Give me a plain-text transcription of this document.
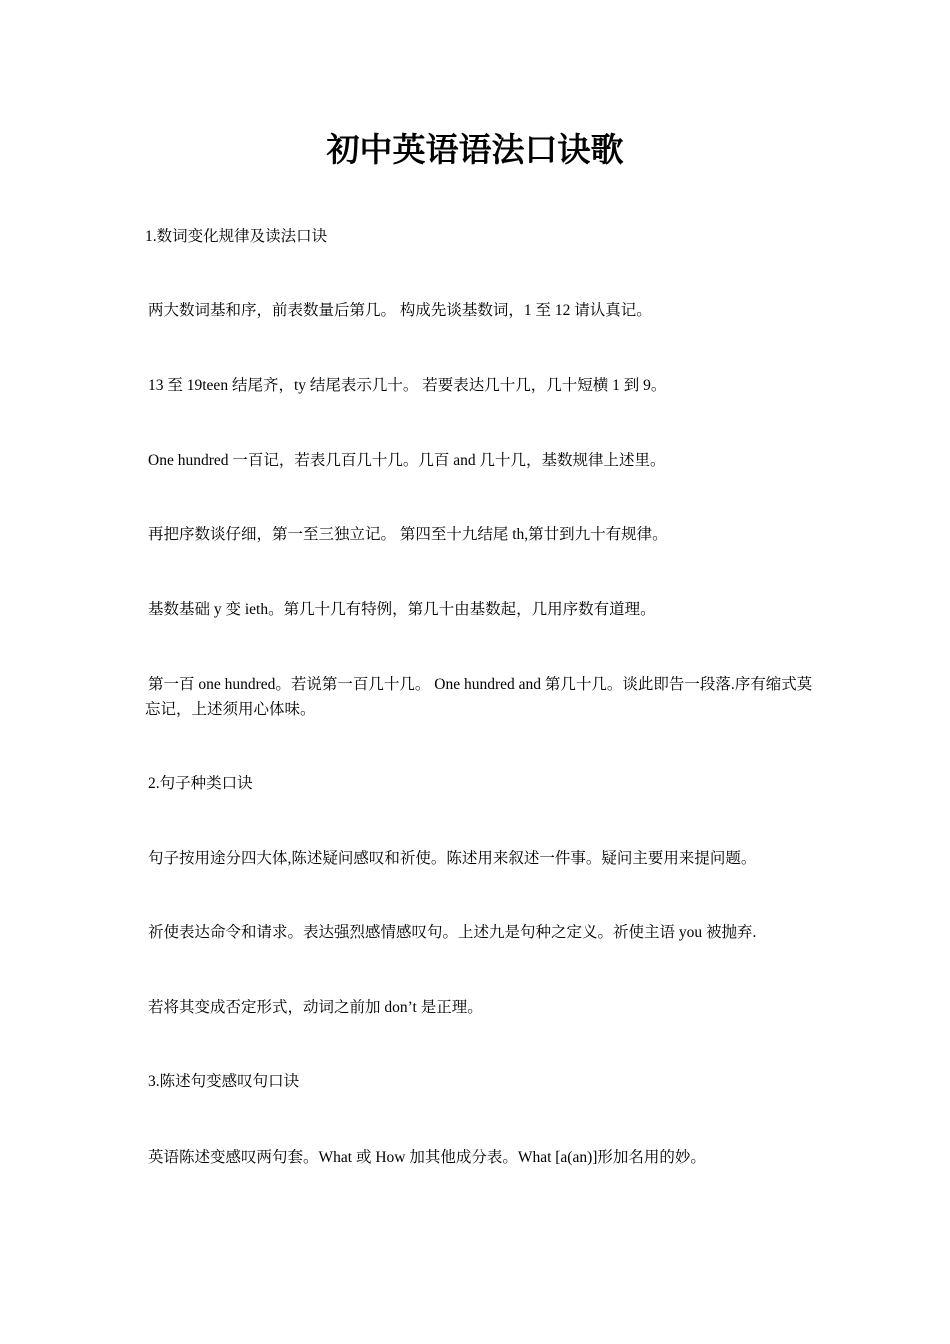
初中英语语法口诀歌

1.数词变化规律及读法口诀

两大数词基和序，前表数量后第几。 构成先谈基数词，1 至 12 请认真记。

13 至 19teen 结尾齐，ty 结尾表示几十。 若要表达几十几，几十短横 1 到 9。

One hundred 一百记，若表几百几十几。几百 and 几十几，基数规律上述里。

再把序数谈仔细，第一至三独立记。 第四至十九结尾 th,第廿到九十有规律。

基数基础 y 变 ieth。第几十几有特例，第几十由基数起，几用序数有道理。

第一百 one hundred。若说第一百几十几。 One hundred and 第几十几。谈此即告一段落.序有缩式莫忘记，上述须用心体味。

2.句子种类口诀

句子按用途分四大体,陈述疑问感叹和祈使。陈述用来叙述一件事。疑问主要用来提问题。

祈使表达命令和请求。表达强烈感情感叹句。上述九是句种之定义。祈使主语 you 被抛弃.

若将其变成否定形式，动词之前加 don’t 是正理。

3.陈述句变感叹句口诀

英语陈述变感叹两句套。What 或 How 加其他成分表。What [a(an)]形加名用的妙。
